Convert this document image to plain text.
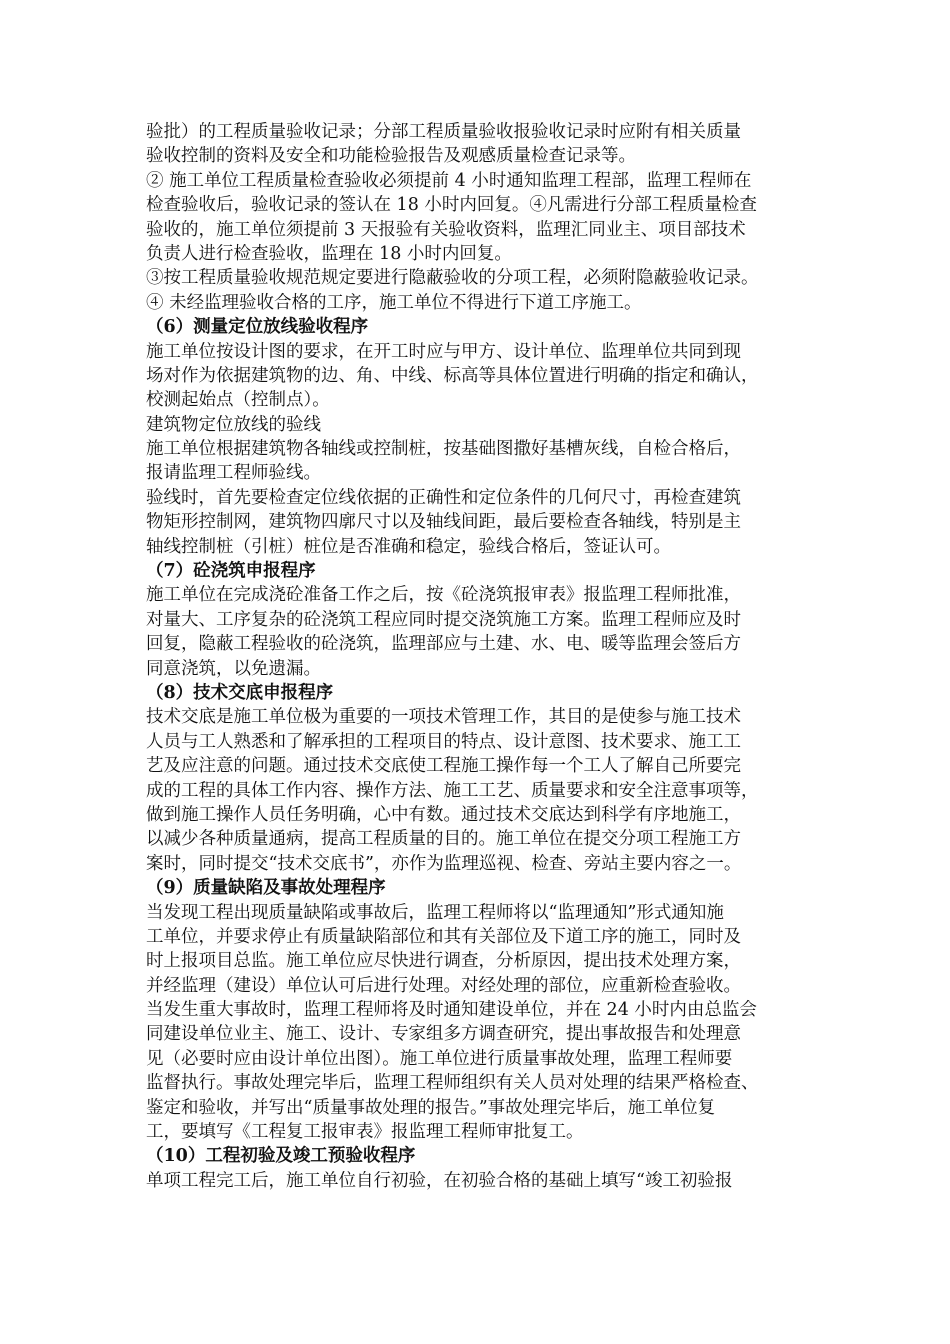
验批）的工程质量验收记录；分部工程质量验收报验收记录时应附有相关质量
验收控制的资料及安全和功能检验报告及观感质量检查记录等。
② 施工单位工程质量检查验收必须提前 4 小时通知监理工程部，监理工程师在
检查验收后，验收记录的签认在 18 小时内回复。④凡需进行分部工程质量检查
验收的，施工单位须提前 3 天报验有关验收资料，监理汇同业主、项目部技术
负责人进行检查验收，监理在 18 小时内回复。
③按工程质量验收规范规定要进行隐蔽验收的分项工程，必须附隐蔽验收记录。
④ 未经监理验收合格的工序，施工单位不得进行下道工序施工。
（6）测量定位放线验收程序
施工单位按设计图的要求，在开工时应与甲方、设计单位、监理单位共同到现
场对作为依据建筑物的边、角、中线、标高等具体位置进行明确的指定和确认，
校测起始点（控制点）。
建筑物定位放线的验线
施工单位根据建筑物各轴线或控制桩，按基础图撒好基槽灰线，自检合格后，
报请监理工程师验线。
验线时，首先要检查定位线依据的正确性和定位条件的几何尺寸，再检查建筑
物矩形控制网，建筑物四廓尺寸以及轴线间距，最后要检查各轴线，特别是主
轴线控制桩（引桩）桩位是否准确和稳定，验线合格后，签证认可。
（7）砼浇筑申报程序
施工单位在完成浇砼准备工作之后，按《砼浇筑报审表》报监理工程师批准，
对量大、工序复杂的砼浇筑工程应同时提交浇筑施工方案。监理工程师应及时
回复，隐蔽工程验收的砼浇筑，监理部应与土建、水、电、暖等监理会签后方
同意浇筑，以免遗漏。
（8）技术交底申报程序
技术交底是施工单位极为重要的一项技术管理工作，其目的是使参与施工技术
人员与工人熟悉和了解承担的工程项目的特点、设计意图、技术要求、施工工
艺及应注意的问题。通过技术交底使工程施工操作每一个工人了解自己所要完
成的工程的具体工作内容、操作方法、施工工艺、质量要求和安全注意事项等，
做到施工操作人员任务明确，心中有数。通过技术交底达到科学有序地施工，
以减少各种质量通病，提高工程质量的目的。施工单位在提交分项工程施工方
案时，同时提交“技术交底书”，亦作为监理巡视、检查、旁站主要内容之一。
（9）质量缺陷及事故处理程序
当发现工程出现质量缺陷或事故后，监理工程师将以“监理通知”形式通知施
工单位，并要求停止有质量缺陷部位和其有关部位及下道工序的施工，同时及
时上报项目总监。施工单位应尽快进行调查，分析原因，提出技术处理方案，
并经监理（建设）单位认可后进行处理。对经处理的部位，应重新检查验收。
当发生重大事故时，监理工程师将及时通知建设单位，并在 24 小时内由总监会
同建设单位业主、施工、设计、专家组多方调查研究，提出事故报告和处理意
见（必要时应由设计单位出图）。施工单位进行质量事故处理，监理工程师要
监督执行。事故处理完毕后，监理工程师组织有关人员对处理的结果严格检查、
鉴定和验收，并写出“质量事故处理的报告。”事故处理完毕后，施工单位复
工，要填写《工程复工报审表》报监理工程师审批复工。
（10）工程初验及竣工预验收程序
单项工程完工后，施工单位自行初验，在初验合格的基础上填写“竣工初验报
